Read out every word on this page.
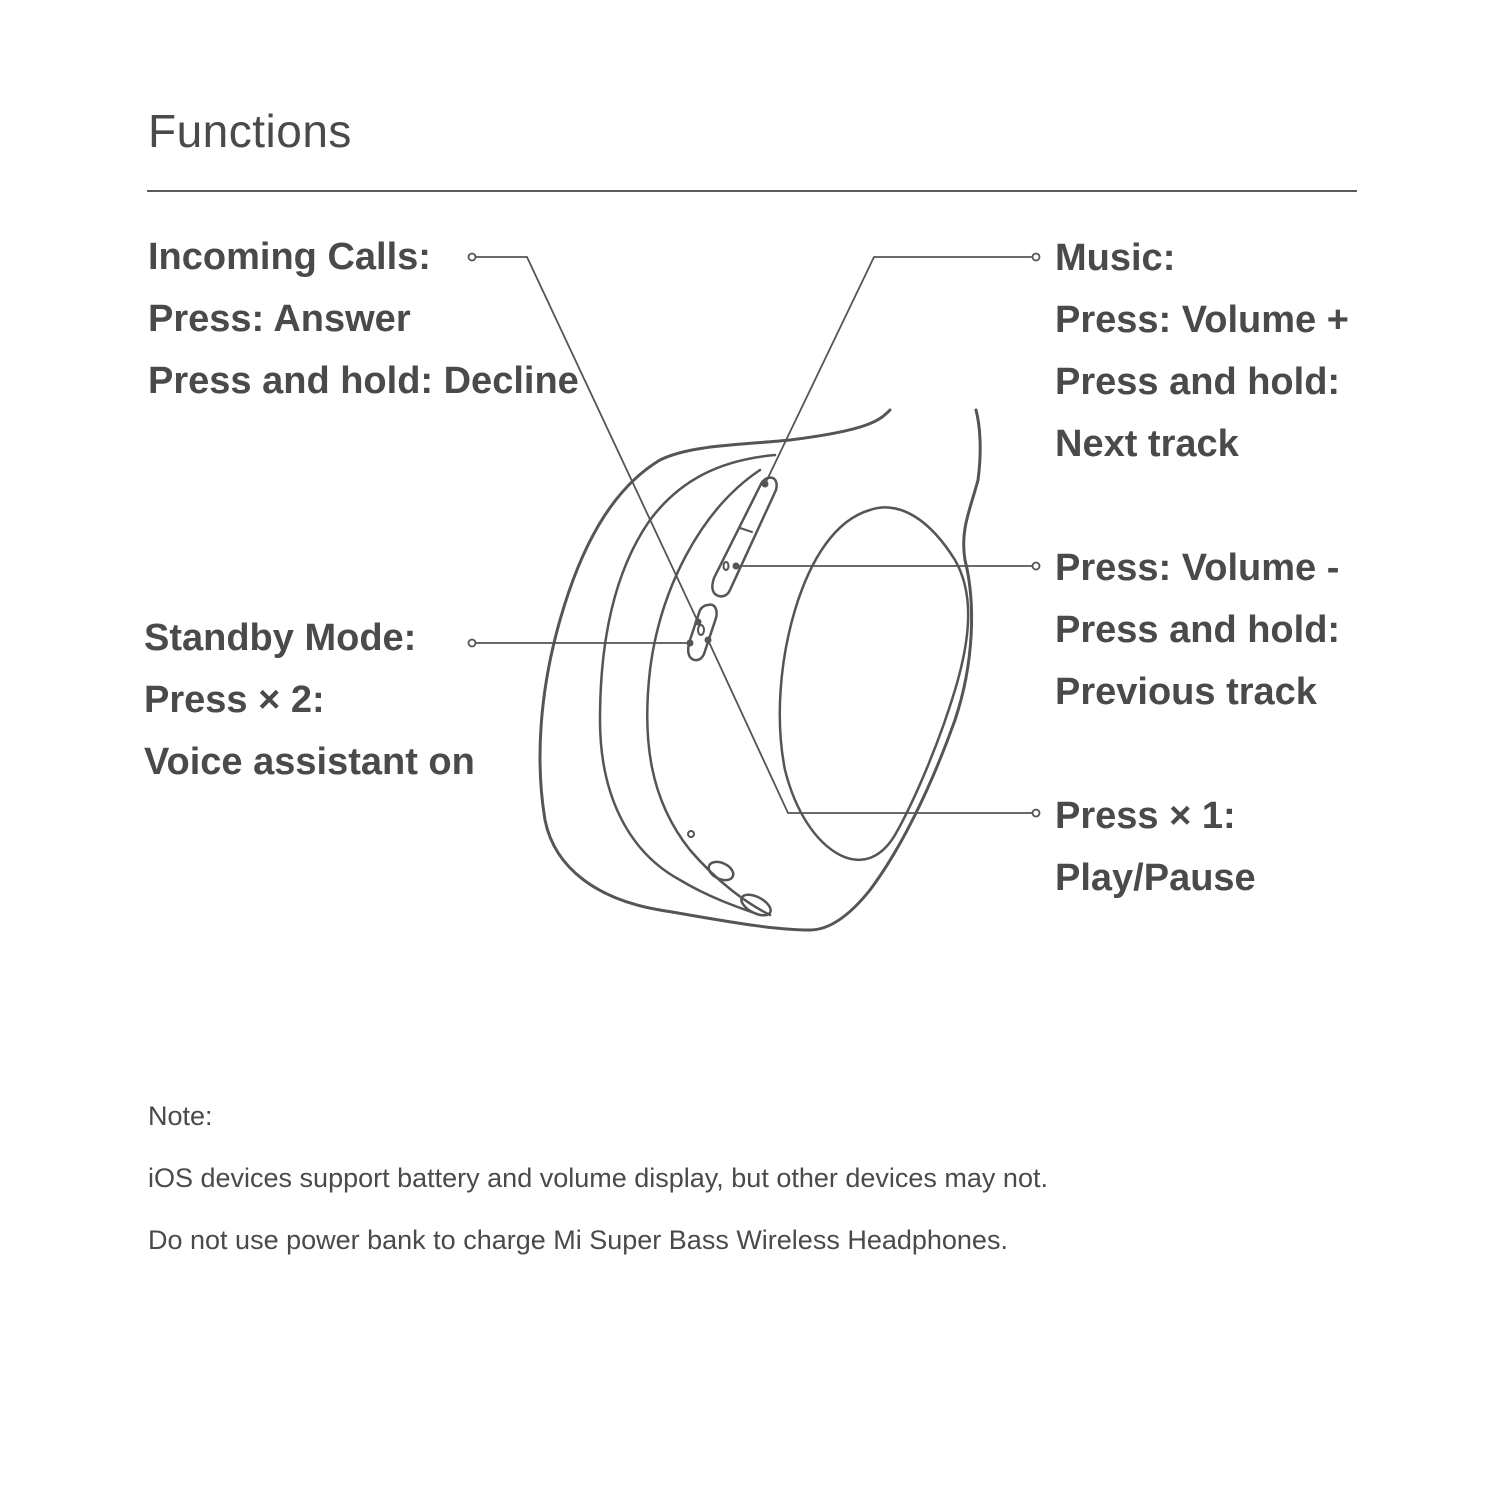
Functions
Incoming Calls:
Press: Answer
Press and hold: Decline
Standby Mode:
Press × 2:
Voice assistant on
Music:
Press: Volume +
Press and hold:
Next track
Press: Volume -
Press and hold:
Previous track
Press × 1:
Play/Pause
Note:
iOS devices support battery and volume display, but other devices may not.
Do not use power bank to charge Mi Super Bass Wireless Headphones.
